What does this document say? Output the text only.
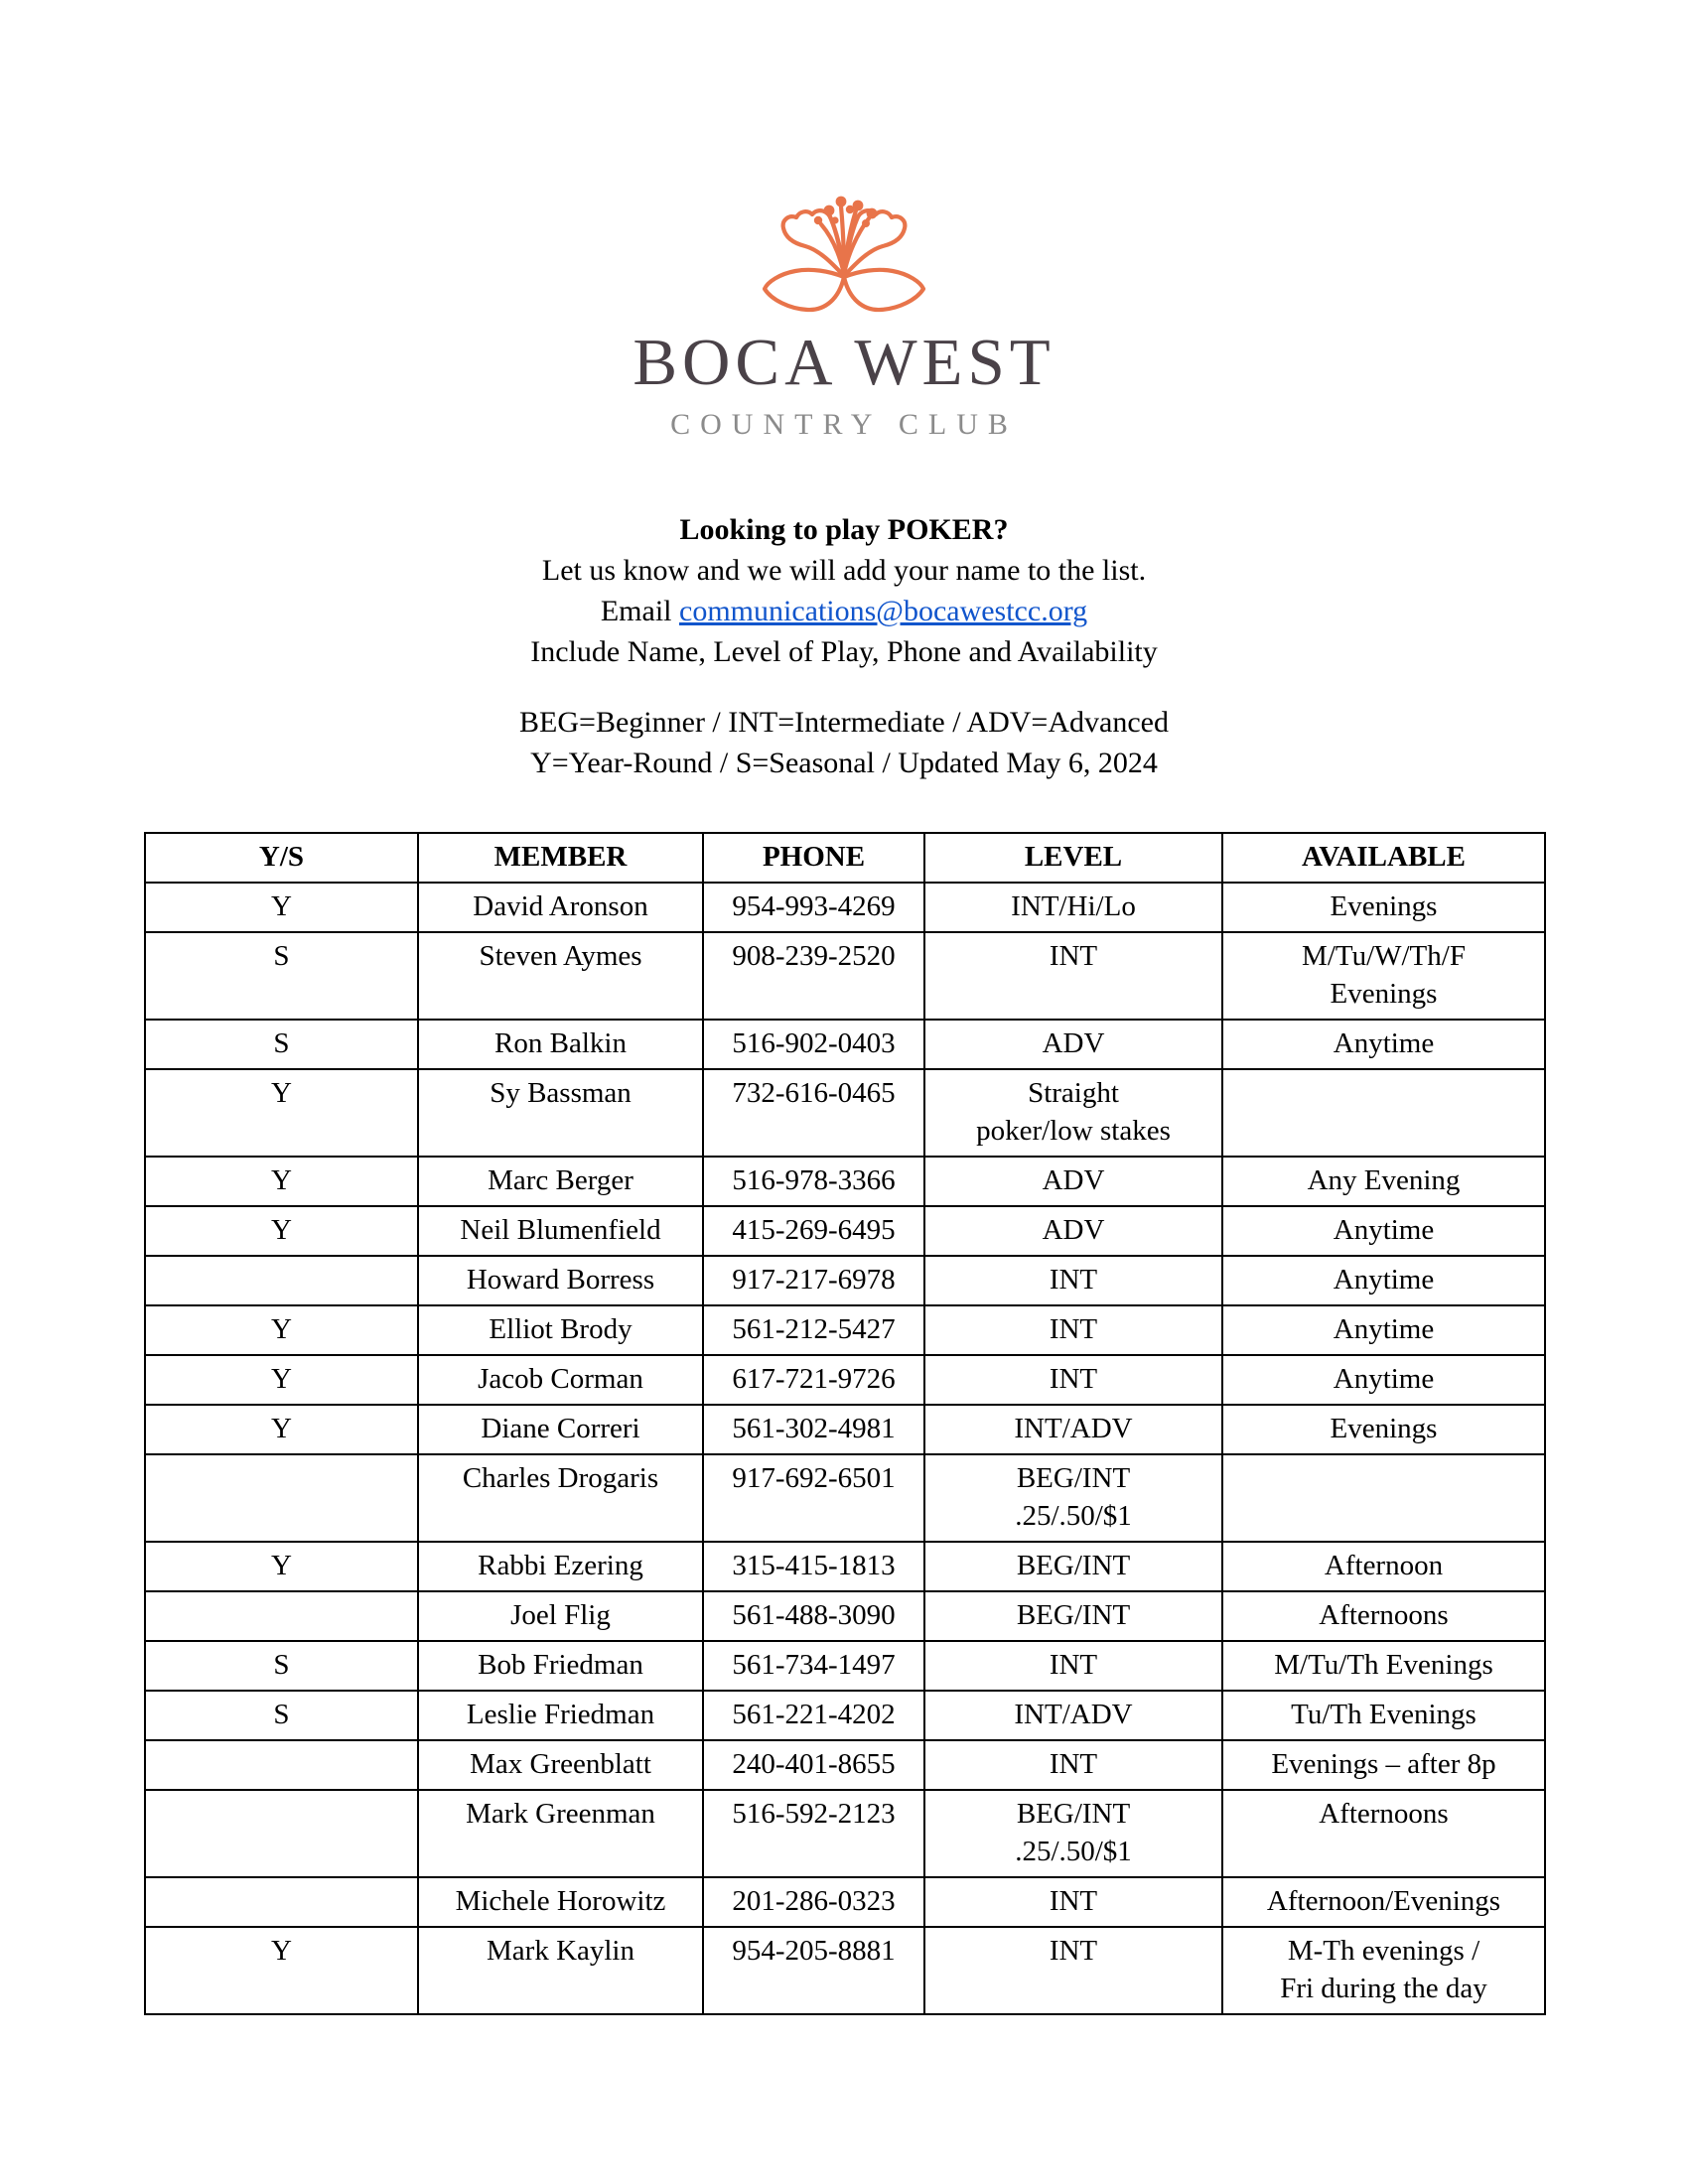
BOCA WEST
COUNTRY CLUB
Looking to play POKER?
Let us know and we will add your name to the list.
Email communications@bocawestcc.org
Include Name, Level of Play, Phone and Availability
BEG=Beginner / INT=Intermediate / ADV=Advanced
Y=Year-Round / S=Seasonal / Updated May 6, 2024
Y/S	MEMBER	PHONE	LEVEL	AVAILABLE

Y	David Aronson	954-993-4269	INT/Hi/Lo	Evenings

S	Steven Aymes	908-239-2520	INT	M/Tu/W/Th/F
Evenings

S	Ron Balkin	516-902-0403	ADV	Anytime

Y	Sy Bassman	732-616-0465	Straight
poker/low stakes	

Y	Marc Berger	516-978-3366	ADV	Any Evening

Y	Neil Blumenfield	415-269-6495	ADV	Anytime

	Howard Borress	917-217-6978	INT	Anytime

Y	Elliot Brody	561-212-5427	INT	Anytime

Y	Jacob Corman	617-721-9726	INT	Anytime

Y	Diane Correri	561-302-4981	INT/ADV	Evenings

	Charles Drogaris	917-692-6501	BEG/INT
.25/.50/$1	

Y	Rabbi Ezering	315-415-1813	BEG/INT	Afternoon

	Joel Flig	561-488-3090	BEG/INT	Afternoons

S	Bob Friedman	561-734-1497	INT	M/Tu/Th Evenings

S	Leslie Friedman	561-221-4202	INT/ADV	Tu/Th Evenings

	Max Greenblatt	240-401-8655	INT	Evenings – after 8p

	Mark Greenman	516-592-2123	BEG/INT
.25/.50/$1	Afternoons

	Michele Horowitz	201-286-0323	INT	Afternoon/Evenings

Y	Mark Kaylin	954-205-8881	INT	M-Th evenings /
Fri during the day
